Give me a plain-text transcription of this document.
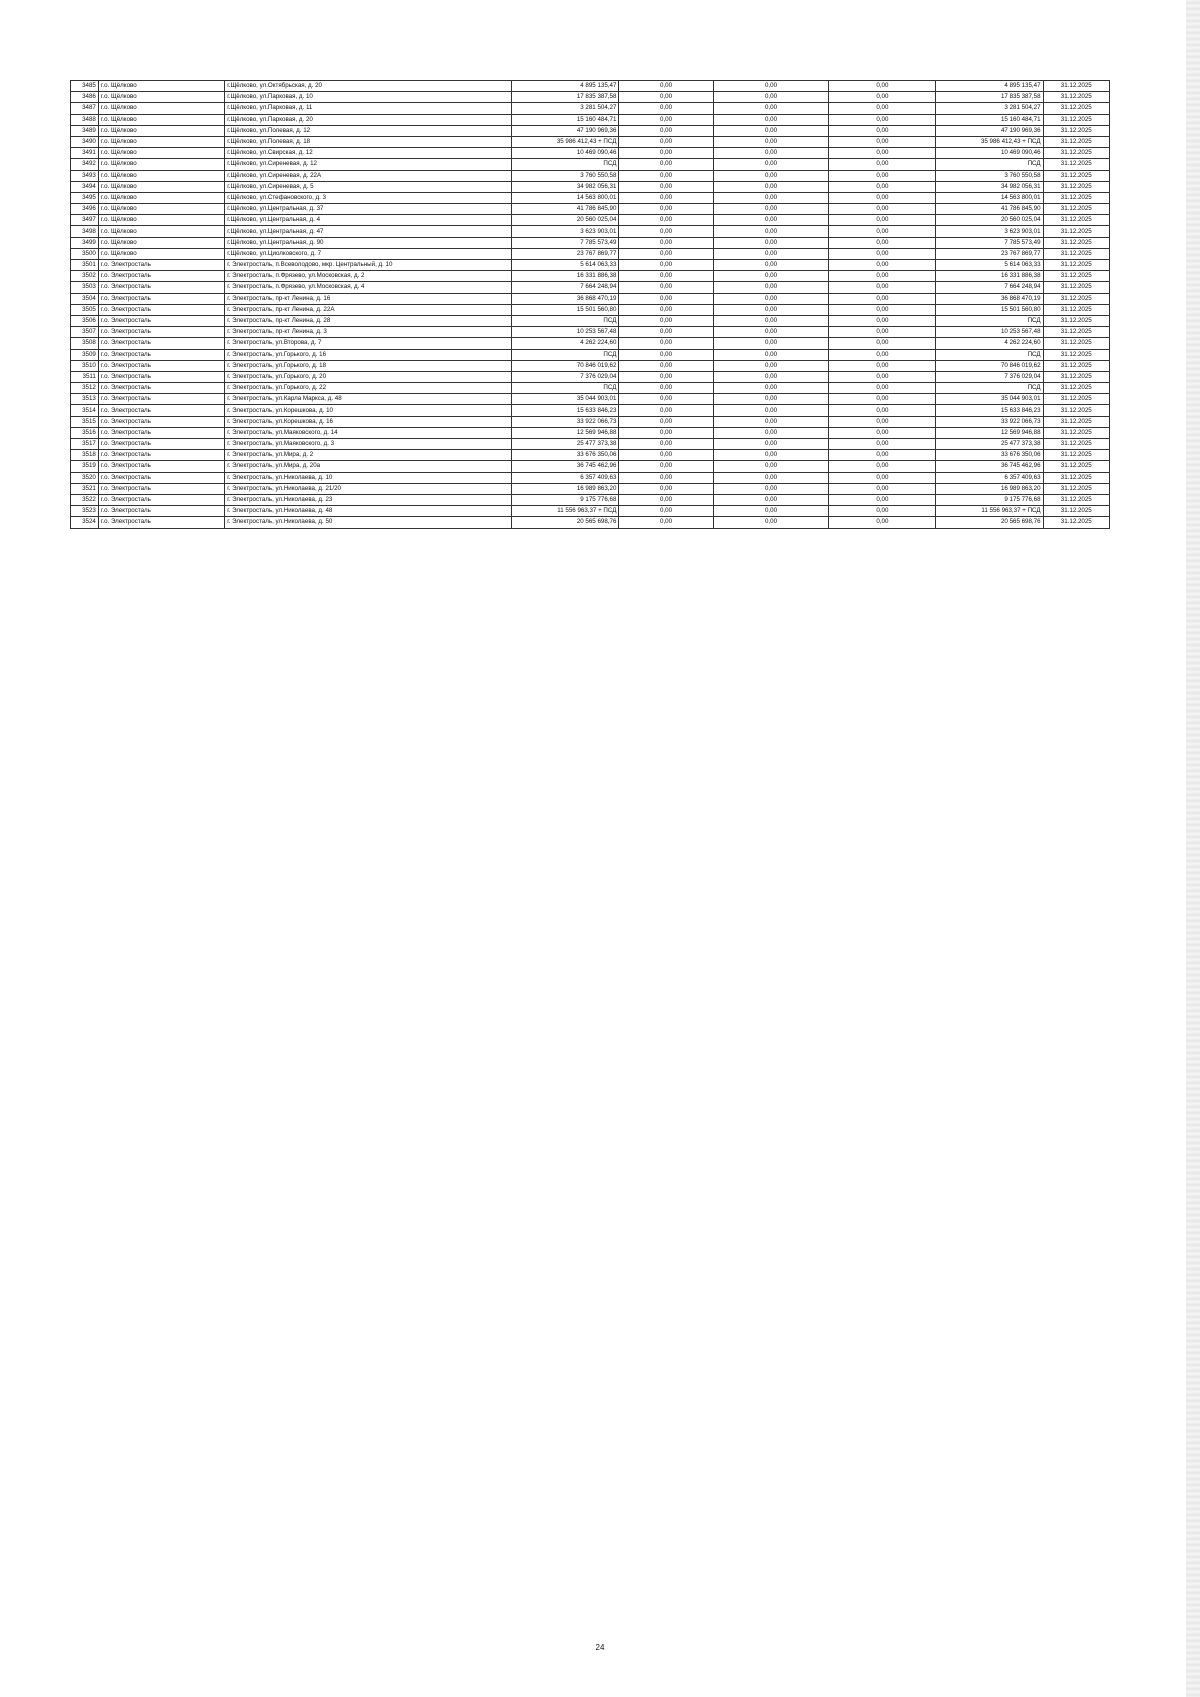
3485	г.о. Щёлково	г.Щёлково, ул.Октябрьская, д. 20	4 895 135,47	0,00	0,00	0,00	4 895 135,47	31.12.2025
3486	г.о. Щёлково	г.Щёлково, ул.Парковая, д. 10	17 835 387,58	0,00	0,00	0,00	17 835 387,58	31.12.2025
3487	г.о. Щёлково	г.Щёлково, ул.Парковая, д. 11	3 281 504,27	0,00	0,00	0,00	3 281 504,27	31.12.2025
3488	г.о. Щёлково	г.Щёлково, ул.Парковая, д. 20	15 160 484,71	0,00	0,00	0,00	15 160 484,71	31.12.2025
3489	г.о. Щёлково	г.Щёлково, ул.Полевая, д. 12	47 190 969,36	0,00	0,00	0,00	47 190 969,36	31.12.2025
3490	г.о. Щёлково	г.Щёлково, ул.Полевая, д. 18	35 986 412,43 + ПСД	0,00	0,00	0,00	35 986 412,43 + ПСД	31.12.2025
3491	г.о. Щёлково	г.Щёлково, ул.Свирская, д. 12	10 469 090,46	0,00	0,00	0,00	10 469 090,46	31.12.2025
3492	г.о. Щёлково	г.Щёлково, ул.Сиреневая, д. 12	ПСД	0,00	0,00	0,00	ПСД	31.12.2025
3493	г.о. Щёлково	г.Щёлково, ул.Сиреневая, д. 22А	3 760 550,58	0,00	0,00	0,00	3 760 550,58	31.12.2025
3494	г.о. Щёлково	г.Щёлково, ул.Сиреневая, д. 5	34 982 056,31	0,00	0,00	0,00	34 982 056,31	31.12.2025
3495	г.о. Щёлково	г.Щёлково, ул.Стефановского, д. 3	14 563 800,01	0,00	0,00	0,00	14 563 800,01	31.12.2025
3496	г.о. Щёлково	г.Щёлково, ул.Центральная, д. 37	41 786 845,90	0,00	0,00	0,00	41 786 845,90	31.12.2025
3497	г.о. Щёлково	г.Щёлково, ул.Центральная, д. 4	20 560 025,04	0,00	0,00	0,00	20 560 025,04	31.12.2025
3498	г.о. Щёлково	г.Щёлково, ул.Центральная, д. 47	3 623 903,01	0,00	0,00	0,00	3 623 903,01	31.12.2025
3499	г.о. Щёлково	г.Щёлково, ул.Центральная, д. 90	7 785 573,49	0,00	0,00	0,00	7 785 573,49	31.12.2025
3500	г.о. Щёлково	г.Щёлково, ул.Циолковского, д. 7	23 767 869,77	0,00	0,00	0,00	23 767 869,77	31.12.2025
3501	г.о. Электросталь	г. Электросталь, п.Всеволодово, мкр. Центральный, д. 10	5 614 063,33	0,00	0,00	0,00	5 614 063,33	31.12.2025
3502	г.о. Электросталь	г. Электросталь, п.Фрязево, ул.Московская, д. 2	16 331 886,38	0,00	0,00	0,00	16 331 886,38	31.12.2025
3503	г.о. Электросталь	г. Электросталь, п.Фрязево, ул.Московская, д. 4	7 664 248,94	0,00	0,00	0,00	7 664 248,94	31.12.2025
3504	г.о. Электросталь	г. Электросталь, пр-кт Ленина, д. 16	36 868 470,19	0,00	0,00	0,00	36 868 470,19	31.12.2025
3505	г.о. Электросталь	г. Электросталь, пр-кт Ленина, д. 22А	15 501 560,80	0,00	0,00	0,00	15 501 560,80	31.12.2025
3506	г.о. Электросталь	г. Электросталь, пр-кт Ленина, д. 28	ПСД	0,00	0,00	0,00	ПСД	31.12.2025
3507	г.о. Электросталь	г. Электросталь, пр-кт Ленина, д. 3	10 253 567,48	0,00	0,00	0,00	10 253 567,48	31.12.2025
3508	г.о. Электросталь	г. Электросталь, ул.Второва, д. 7	4 262 224,60	0,00	0,00	0,00	4 262 224,60	31.12.2025
3509	г.о. Электросталь	г. Электросталь, ул.Горького, д. 16	ПСД	0,00	0,00	0,00	ПСД	31.12.2025
3510	г.о. Электросталь	г. Электросталь, ул.Горького, д. 18	70 846 019,62	0,00	0,00	0,00	70 846 019,62	31.12.2025
3511	г.о. Электросталь	г. Электросталь, ул.Горького, д. 20	7 376 029,04	0,00	0,00	0,00	7 376 029,04	31.12.2025
3512	г.о. Электросталь	г. Электросталь, ул.Горького, д. 22	ПСД	0,00	0,00	0,00	ПСД	31.12.2025
3513	г.о. Электросталь	г. Электросталь, ул.Карла Маркса, д. 48	35 044 903,01	0,00	0,00	0,00	35 044 903,01	31.12.2025
3514	г.о. Электросталь	г. Электросталь, ул.Корешкова, д. 10	15 633 846,23	0,00	0,00	0,00	15 633 846,23	31.12.2025
3515	г.о. Электросталь	г. Электросталь, ул.Корешкова, д. 16	33 922 066,73	0,00	0,00	0,00	33 922 066,73	31.12.2025
3516	г.о. Электросталь	г. Электросталь, ул.Маяковского, д. 14	12 569 946,88	0,00	0,00	0,00	12 569 946,88	31.12.2025
3517	г.о. Электросталь	г. Электросталь, ул.Маяковского, д. 3	25 477 373,38	0,00	0,00	0,00	25 477 373,38	31.12.2025
3518	г.о. Электросталь	г. Электросталь, ул.Мира, д. 2	33 676 350,06	0,00	0,00	0,00	33 676 350,06	31.12.2025
3519	г.о. Электросталь	г. Электросталь, ул.Мира, д. 20а	36 745 462,96	0,00	0,00	0,00	36 745 462,96	31.12.2025
3520	г.о. Электросталь	г. Электросталь, ул.Николаева, д. 10	6 357 409,63	0,00	0,00	0,00	6 357 409,63	31.12.2025
3521	г.о. Электросталь	г. Электросталь, ул.Николаева, д. 21/20	16 989 863,20	0,00	0,00	0,00	16 989 863,20	31.12.2025
3522	г.о. Электросталь	г. Электросталь, ул.Николаева, д. 23	9 175 776,68	0,00	0,00	0,00	9 175 776,68	31.12.2025
3523	г.о. Электросталь	г. Электросталь, ул.Николаева, д. 48	11 556 963,37 + ПСД	0,00	0,00	0,00	11 556 963,37 + ПСД	31.12.2025
3524	г.о. Электросталь	г. Электросталь, ул.Николаева, д. 50	20 565 698,76	0,00	0,00	0,00	20 565 698,76	31.12.2025
24
